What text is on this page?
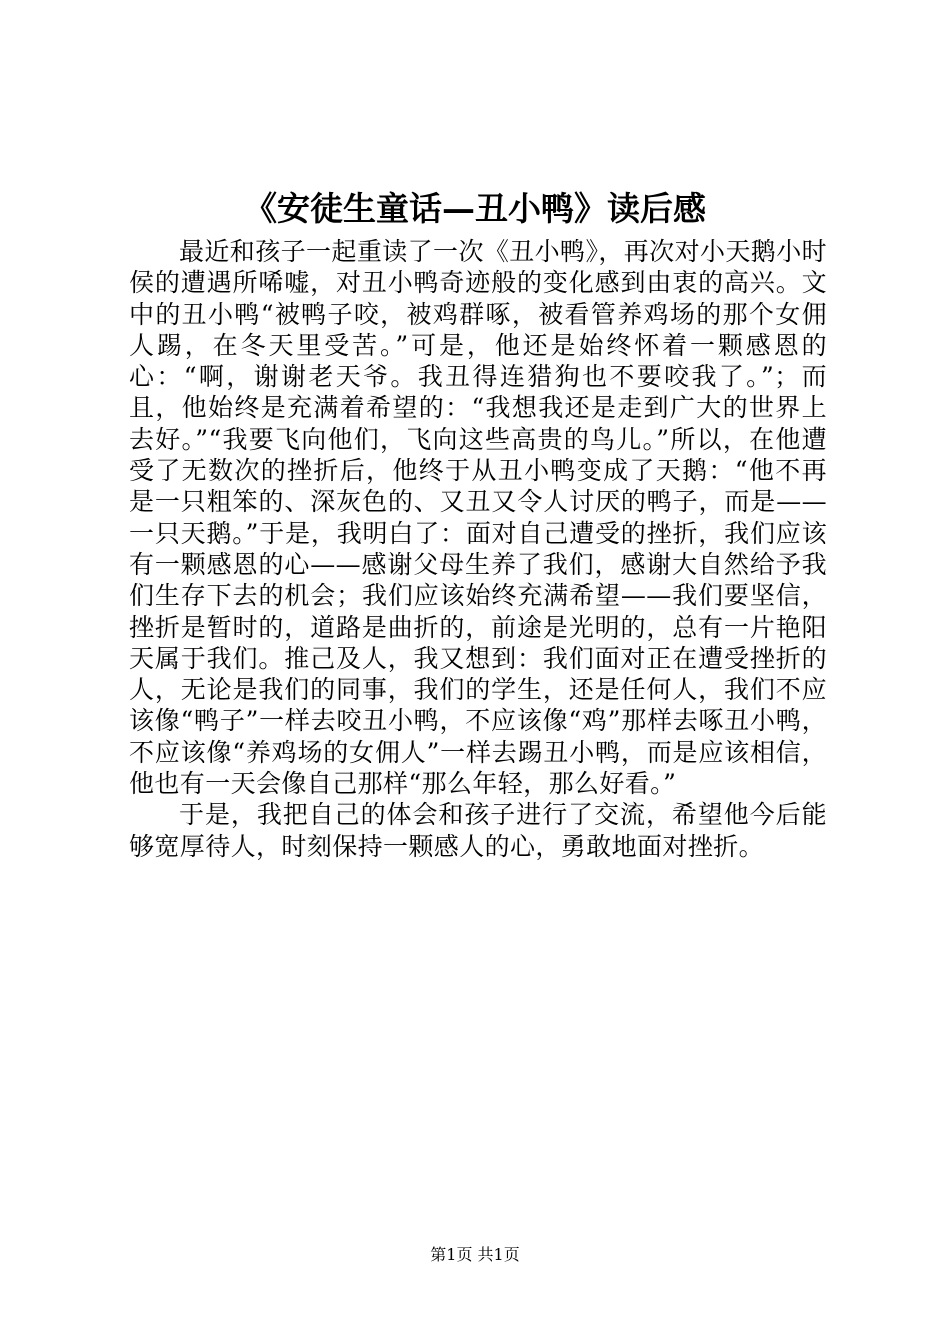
《安徒生童话—丑小鸭》读后感

最近和孩子一起重读了一次《丑小鸭》，再次对小天鹅小时侯的遭遇所唏嘘，对丑小鸭奇迹般的变化感到由衷的高兴。文中的丑小鸭“被鸭子咬，被鸡群啄，被看管养鸡场的那个女佣人踢，在冬天里受苦。”可是，他还是始终怀着一颗感恩的心：“啊，谢谢老天爷。我丑得连猎狗也不要咬我了。”；而且，他始终是充满着希望的：“我想我还是走到广大的世界上去好。”“我要飞向他们，飞向这些高贵的鸟儿。”所以，在他遭受了无数次的挫折后，他终于从丑小鸭变成了天鹅：“他不再是一只粗笨的、深灰色的、又丑又令人讨厌的鸭子，而是——一只天鹅。”于是，我明白了：面对自己遭受的挫折，我们应该有一颗感恩的心——感谢父母生养了我们，感谢大自然给予我们生存下去的机会；我们应该始终充满希望——我们要坚信，挫折是暂时的，道路是曲折的，前途是光明的，总有一片艳阳天属于我们。推己及人，我又想到：我们面对正在遭受挫折的人，无论是我们的同事，我们的学生，还是任何人，我们不应该像“鸭子”一样去咬丑小鸭，不应该像“鸡”那样去啄丑小鸭，不应该像“养鸡场的女佣人”一样去踢丑小鸭，而是应该相信，他也有一天会像自己那样“那么年轻，那么好看。”

于是，我把自己的体会和孩子进行了交流，希望他今后能够宽厚待人，时刻保持一颗感人的心，勇敢地面对挫折。

第1页 共1页
